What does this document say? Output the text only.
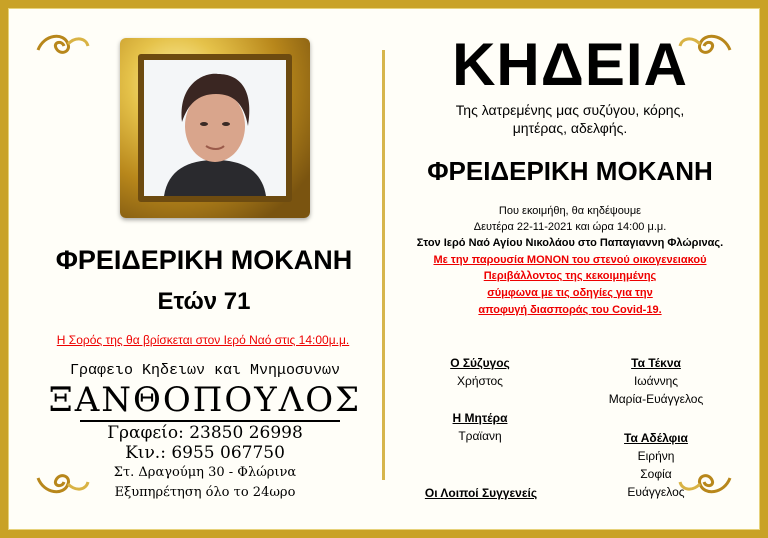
ΦΡΕΙΔΕΡΙΚΗ ΜΟΚΑΝΗ
Ετών 71
Η Σορός της θα βρίσκεται στον Ιερό Ναό στις 14:00μ.μ.
Γραφειο Κηδειων και Μνημοσυνων
ΞΑΝΘΟΠΟΥΛΟΣ
Γραφείο: 23850 26998
Κιν.: 6955 067750
Στ. Δραγούμη 30 - Φλώρινα
Εξυπηρέτηση όλο το 24ωρο
ΚΗΔΕΙΑ
Της λατρεμένης μας συζύγου, κόρης,
μητέρας, αδελφής.
ΦΡΕΙΔΕΡΙΚΗ ΜΟΚΑΝΗ
Που εκοιμήθη, θα κηδέψουμε
Δευτέρα 22-11-2021 και ώρα 14:00 μ.μ.
Στον Ιερό Ναό Αγίου Νικολάου στο Παπαγιαννη Φλώρινας.
Με την παρουσία ΜΟΝΟΝ του στενού οικογενειακού
Περιβάλλοντος της κεκοιμημένης
σύμφωνα με τις οδηγίες για την
αποφυγή διασποράς του Covid-19.
Ο Σύζυγος
Χρήστος
Η Μητέρα
Τραϊανη
Οι Λοιποί Συγγενείς
Τα Τέκνα
Ιωάννης
Μαρία-Ευάγγελος
Τα Αδέλφια
Ειρήνη
Σοφία
Ευάγγελος
